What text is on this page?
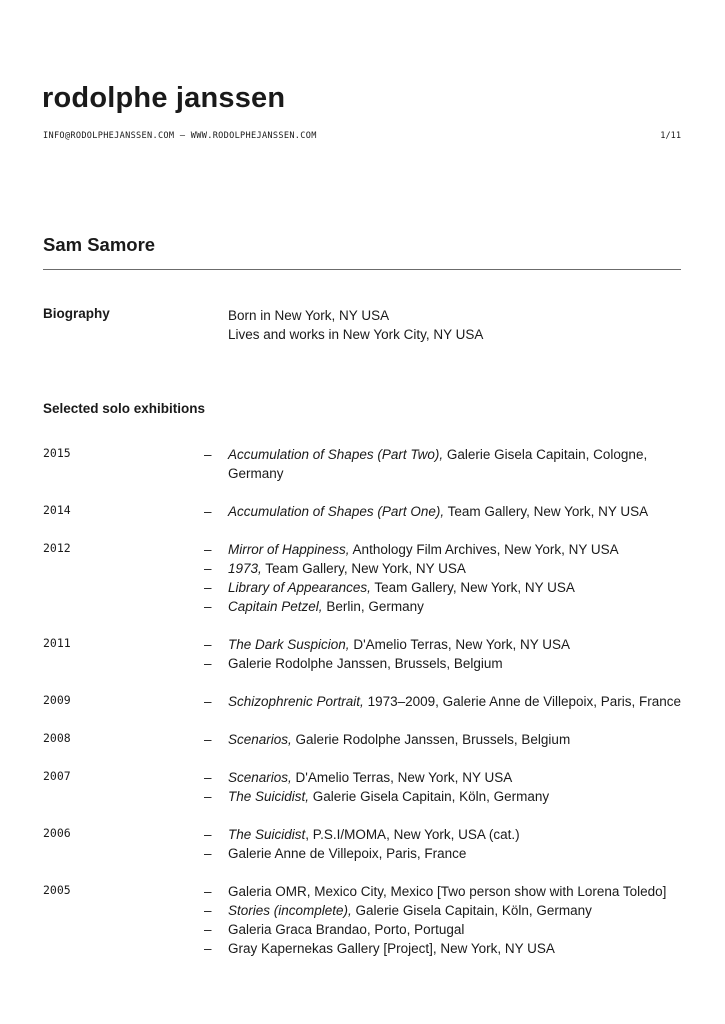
rodolphe janssen
INFO@RODOLPHEJANSSEN.COM — WWW.RODOLPHEJANSSEN.COM	1/11
Sam Samore
Biography	Born in New York, NY USA
Lives and works in New York City, NY USA
Selected solo exhibitions
2015	– Accumulation of Shapes (Part Two), Galerie Gisela Capitain, Cologne, Germany
2014	– Accumulation of Shapes (Part One), Team Gallery, New York, NY USA
2012	– Mirror of Happiness, Anthology Film Archives, New York, NY USA
– 1973, Team Gallery, New York, NY USA
– Library of Appearances, Team Gallery, New York, NY USA
– Capitain Petzel, Berlin, Germany
2011	– The Dark Suspicion, D'Amelio Terras, New York, NY USA
– Galerie Rodolphe Janssen, Brussels, Belgium
2009	– Schizophrenic Portrait, 1973–2009, Galerie Anne de Villepoix, Paris, France
2008	– Scenarios, Galerie Rodolphe Janssen, Brussels, Belgium
2007	– Scenarios, D'Amelio Terras, New York, NY USA
– The Suicidist, Galerie Gisela Capitain, Köln, Germany
2006	– The Suicidist, P.S.I/MOMA, New York, USA (cat.)
– Galerie Anne de Villepoix, Paris, France
2005	– Galeria OMR, Mexico City, Mexico [Two person show with Lorena Toledo]
– Stories (incomplete), Galerie Gisela Capitain, Köln, Germany
– Galeria Graca Brandao, Porto, Portugal
– Gray Kapernekas Gallery [Project], New York, NY USA
